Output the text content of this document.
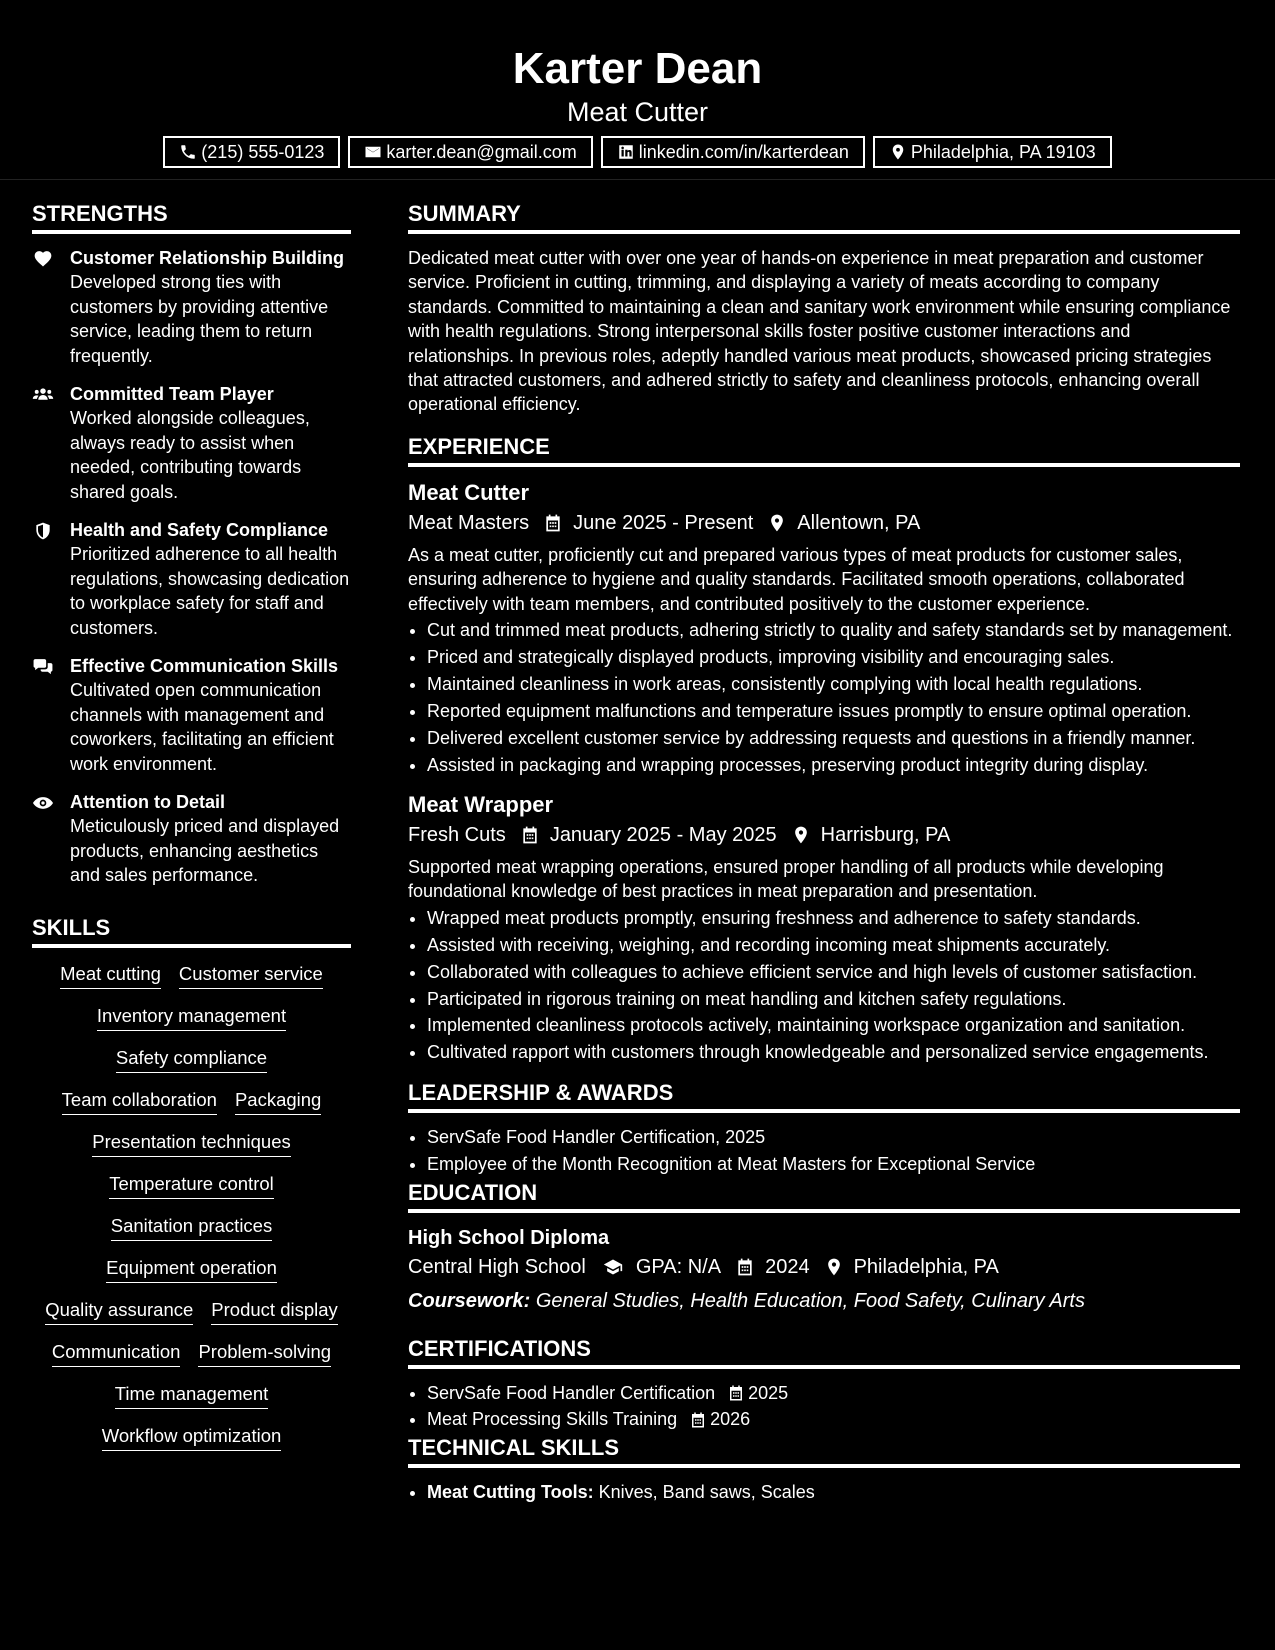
Karter Dean
Meat Cutter
(215) 555-0123	karter.dean@gmail.com	linkedin.com/in/karterdean	Philadelphia, PA 19103
STRENGTHS
Customer Relationship Building
Developed strong ties with customers by providing attentive service, leading them to return frequently.
Committed Team Player
Worked alongside colleagues, always ready to assist when needed, contributing towards shared goals.
Health and Safety Compliance
Prioritized adherence to all health regulations, showcasing dedication to workplace safety for staff and customers.
Effective Communication Skills
Cultivated open communication channels with management and coworkers, facilitating an efficient work environment.
Attention to Detail
Meticulously priced and displayed products, enhancing aesthetics and sales performance.
SKILLS
Meat cutting Customer service
Inventory management
Safety compliance
Team collaboration Packaging
Presentation techniques
Temperature control
Sanitation practices
Equipment operation
Quality assurance Product display
Communication Problem-solving
Time management
Workflow optimization
SUMMARY
Dedicated meat cutter with over one year of hands-on experience in meat preparation and customer service. Proficient in cutting, trimming, and displaying a variety of meats according to company standards. Committed to maintaining a clean and sanitary work environment while ensuring compliance with health regulations. Strong interpersonal skills foster positive customer interactions and relationships. In previous roles, adeptly handled various meat products, showcased pricing strategies that attracted customers, and adhered strictly to safety and cleanliness protocols, enhancing overall operational efficiency.
EXPERIENCE
Meat Cutter
Meat Masters June 2025 - Present Allentown, PA
As a meat cutter, proficiently cut and prepared various types of meat products for customer sales, ensuring adherence to hygiene and quality standards. Facilitated smooth operations, collaborated effectively with team members, and contributed positively to the customer experience.
• Cut and trimmed meat products, adhering strictly to quality and safety standards set by management.
• Priced and strategically displayed products, improving visibility and encouraging sales.
• Maintained cleanliness in work areas, consistently complying with local health regulations.
• Reported equipment malfunctions and temperature issues promptly to ensure optimal operation.
• Delivered excellent customer service by addressing requests and questions in a friendly manner.
• Assisted in packaging and wrapping processes, preserving product integrity during display.
Meat Wrapper
Fresh Cuts January 2025 - May 2025 Harrisburg, PA
Supported meat wrapping operations, ensured proper handling of all products while developing foundational knowledge of best practices in meat preparation and presentation.
• Wrapped meat products promptly, ensuring freshness and adherence to safety standards.
• Assisted with receiving, weighing, and recording incoming meat shipments accurately.
• Collaborated with colleagues to achieve efficient service and high levels of customer satisfaction.
• Participated in rigorous training on meat handling and kitchen safety regulations.
• Implemented cleanliness protocols actively, maintaining workspace organization and sanitation.
• Cultivated rapport with customers through knowledgeable and personalized service engagements.
LEADERSHIP & AWARDS
• ServSafe Food Handler Certification, 2025
• Employee of the Month Recognition at Meat Masters for Exceptional Service
EDUCATION
High School Diploma
Central High School	GPA: N/A 2024 Philadelphia, PA
Coursework: General Studies, Health Education, Food Safety, Culinary Arts
CERTIFICATIONS
• ServSafe Food Handler Certification 2025
• Meat Processing Skills Training 2026
TECHNICAL SKILLS
• Meat Cutting Tools: Knives, Band saws, Scales
